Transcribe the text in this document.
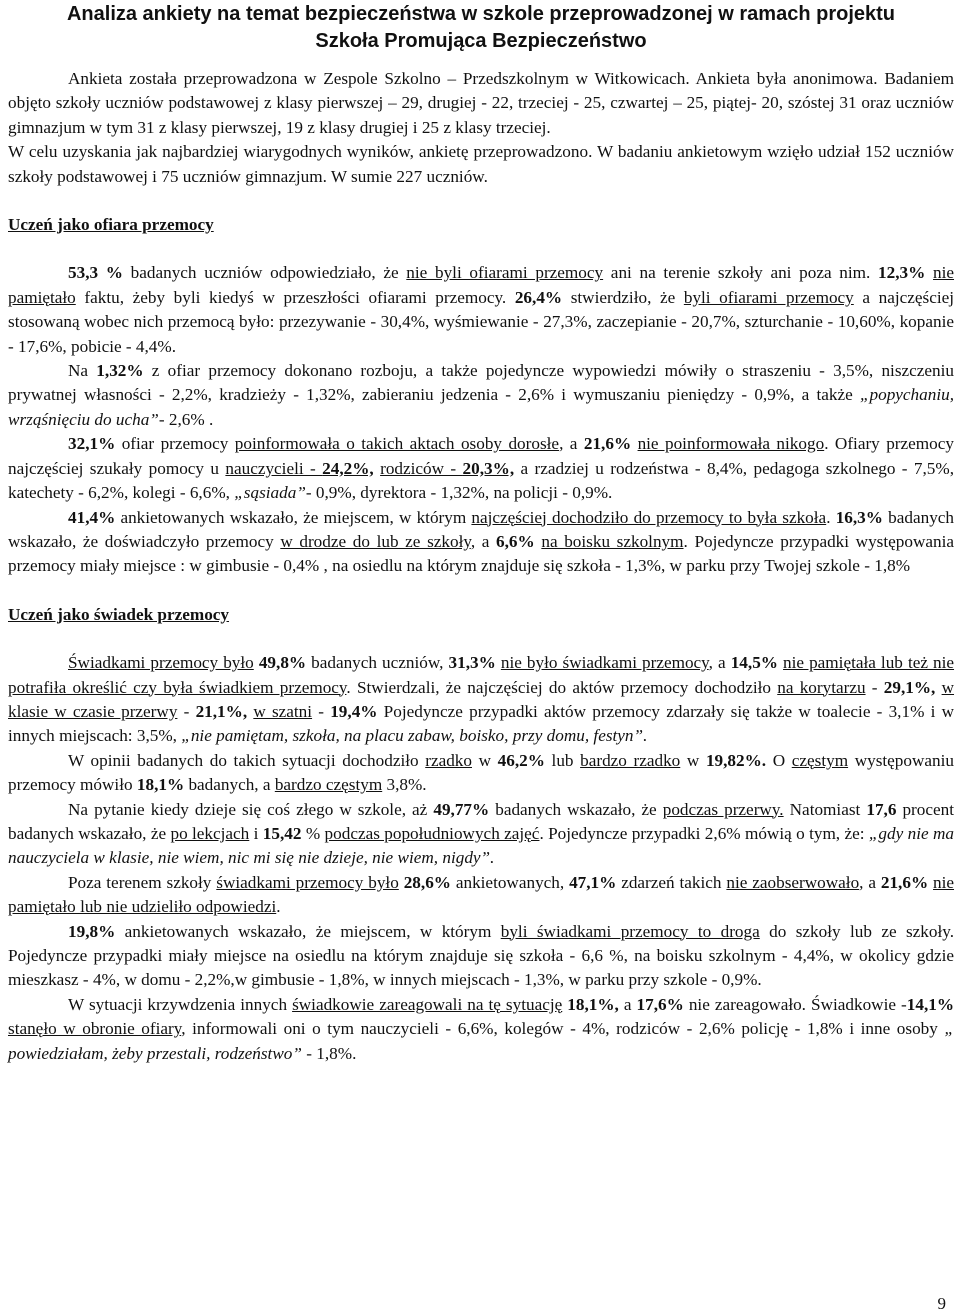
Analiza ankiety na temat bezpieczeństwa w szkole przeprowadzonej w ramach projektu
Szkoła Promująca Bezpieczeństwo

Ankieta została przeprowadzona w Zespole Szkolno – Przedszkolnym w Witkowicach. Ankieta była anonimowa. Badaniem objęto szkoły uczniów podstawowej z klasy pierwszej – 29, drugiej - 22, trzeciej - 25, czwartej – 25, piątej- 20, szóstej 31 oraz uczniów gimnazjum w tym 31 z klasy pierwszej, 19 z klasy drugiej i 25 z klasy trzeciej.

W celu uzyskania jak najbardziej wiarygodnych wyników, ankietę przeprowadzono. W badaniu ankietowym wzięło udział 152 uczniów szkoły podstawowej i 75 uczniów gimnazjum. W sumie 227 uczniów.

Uczeń jako ofiara przemocy

53,3 % badanych uczniów odpowiedziało, że nie byli ofiarami przemocy ani na terenie szkoły ani poza nim. 12,3% nie pamiętało faktu, żeby byli kiedyś w przeszłości ofiarami przemocy. 26,4% stwierdziło, że byli ofiarami przemocy a najczęściej stosowaną wobec nich przemocą było: przezywanie - 30,4%, wyśmiewanie - 27,3%, zaczepianie - 20,7%, szturchanie - 10,60%, kopanie - 17,6%, pobicie - 4,4%.

Na 1,32% z ofiar przemocy dokonano rozboju, a także pojedyncze wypowiedzi mówiły o straszeniu - 3,5%, niszczeniu prywatnej własności - 2,2%, kradzieży - 1,32%, zabieraniu jedzenia - 2,6% i wymuszaniu pieniędzy - 0,9%, a także „popychaniu, wrząśnięciu do ucha”- 2,6% .

32,1% ofiar przemocy poinformowała o takich aktach osoby dorosłe, a 21,6% nie poinformowała nikogo. Ofiary przemocy najczęściej szukały pomocy u nauczycieli - 24,2%, rodziców - 20,3%, a rzadziej u rodzeństwa - 8,4%, pedagoga szkolnego - 7,5%, katechety - 6,2%, kolegi - 6,6%, „sąsiada”- 0,9%, dyrektora - 1,32%, na policji - 0,9%.

41,4% ankietowanych wskazało, że miejscem, w którym najczęściej dochodziło do przemocy to była szkoła. 16,3% badanych wskazało, że doświadczyło przemocy w drodze do lub ze szkoły, a 6,6% na boisku szkolnym. Pojedyncze przypadki występowania przemocy miały miejsce : w gimbusie - 0,4% , na osiedlu na którym znajduje się szkoła - 1,3%, w parku przy Twojej szkole - 1,8%

Uczeń jako świadek przemocy

Świadkami przemocy było 49,8% badanych uczniów, 31,3% nie było świadkami przemocy, a 14,5% nie pamiętała lub też nie potrafiła określić czy była świadkiem przemocy. Stwierdzali, że najczęściej do aktów przemocy dochodziło na korytarzu - 29,1%, w klasie w czasie przerwy - 21,1%, w szatni - 19,4% Pojedyncze przypadki aktów przemocy zdarzały się także w toalecie - 3,1% i w innych miejscach: 3,5%, „nie pamiętam, szkoła, na placu zabaw, boisko, przy domu, festyn”.

W opinii badanych do takich sytuacji dochodziło rzadko w 46,2% lub bardzo rzadko w 19,82%. O częstym występowaniu przemocy mówiło 18,1% badanych, a bardzo częstym 3,8%.

Na pytanie kiedy dzieje się coś złego w szkole, aż 49,77% badanych wskazało, że podczas przerwy. Natomiast 17,6 procent badanych wskazało, że po lekcjach i 15,42 % podczas popołudniowych zajęć. Pojedyncze przypadki 2,6% mówią o tym, że: „gdy nie ma nauczyciela w klasie, nie wiem, nic mi się nie dzieje, nie wiem, nigdy”.

Poza terenem szkoły świadkami przemocy było 28,6% ankietowanych, 47,1% zdarzeń takich nie zaobserwowało, a 21,6% nie pamiętało lub nie udzieliło odpowiedzi.

19,8% ankietowanych wskazało, że miejscem, w którym byli świadkami przemocy to droga do szkoły lub ze szkoły. Pojedyncze przypadki miały miejsce na osiedlu na którym znajduje się szkoła - 6,6 %, na boisku szkolnym - 4,4%, w okolicy gdzie mieszkasz - 4%, w domu - 2,2%,w gimbusie - 1,8%, w innych miejscach - 1,3%, w parku przy szkole - 0,9%.

W sytuacji krzywdzenia innych świadkowie zareagowali na tę sytuację 18,1%, a 17,6% nie zareagowało. Świadkowie -14,1% stanęło w obronie ofiary, informowali oni o tym nauczycieli - 6,6%, kolegów - 4%, rodziców - 2,6% policję - 1,8% i inne osoby „ powiedziałam, żeby przestali, rodzeństwo” - 1,8%.

9
